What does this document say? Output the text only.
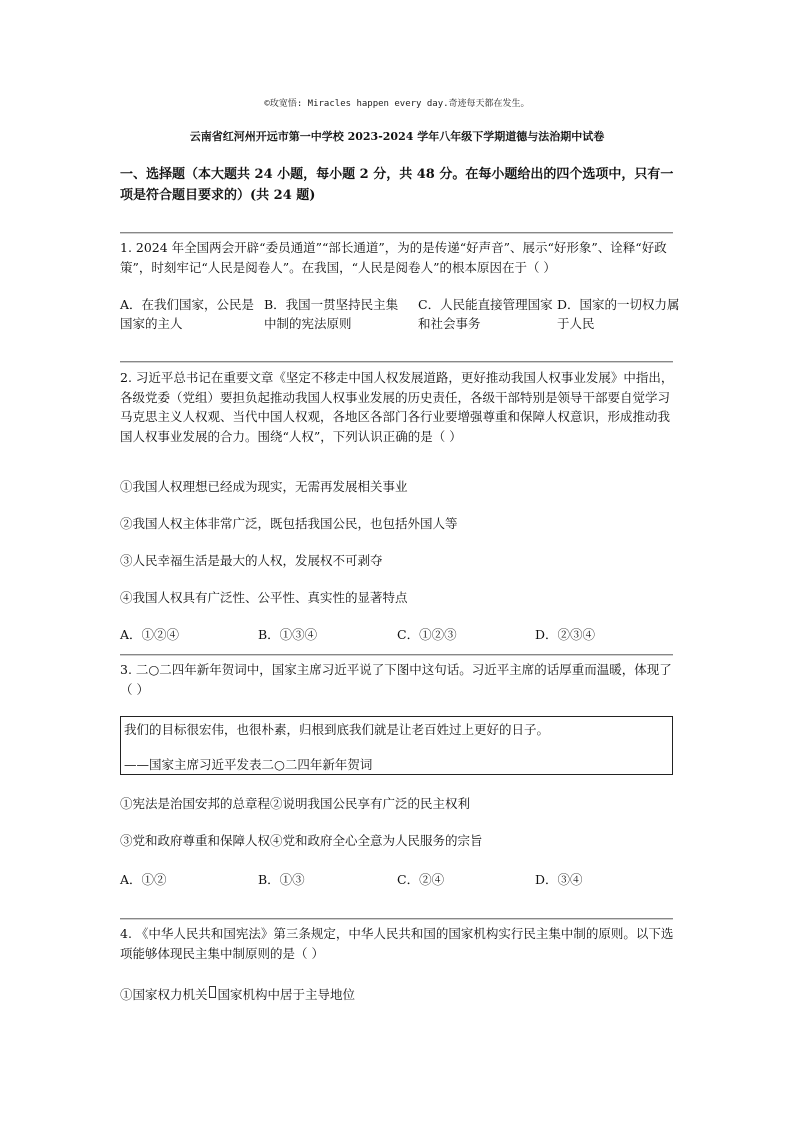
©玫宽悟: Miracles happen every day.奇迹每天都在发生。
云南省红河州开远市第一中学校 2023-2024 学年八年级下学期道德与法治期中试卷
一、选择题（本大题共 24 小题，每小题 2 分，共 48 分。在每小题给出的四个选项中，只有一项是符合题目要求的）(共 24 题)
1. 2024 年全国两会开辟“委员通道”“部长通道”，为的是传递“好声音”、展示“好形象”、诠释“好政策”，时刻牢记“人民是阅卷人”。在我国，“人民是阅卷人”的根本原因在于（ ）
A．在我们国家，公民是国家的主人
B．我国一贯坚持民主集中制的宪法原则
C．人民能直接管理国家和社会事务
D．国家的一切权力属于人民
2. 习近平总书记在重要文章《坚定不移走中国人权发展道路，更好推动我国人权事业发展》中指出，各级党委（党组）要担负起推动我国人权事业发展的历史责任，各级干部特别是领导干部要自觉学习马克思主义人权观、当代中国人权观，各地区各部门各行业要增强尊重和保障人权意识，形成推动我国人权事业发展的合力。围绕“人权”，下列认识正确的是（ ）
①我国人权理想已经成为现实，无需再发展相关事业
②我国人权主体非常广泛，既包括我国公民，也包括外国人等
③人民幸福生活是最大的人权，发展权不可剥夺
④我国人权具有广泛性、公平性、真实性的显著特点
A．①②④	B．①③④	C．①②③	D．②③④
3. 二○二四年新年贺词中，国家主席习近平说了下图中这句话。习近平主席的话厚重而温暖，体现了（ ）
我们的目标很宏伟，也很朴素，归根到底我们就是让老百姓过上更好的日子。
——国家主席习近平发表二○二四年新年贺词
①宪法是治国安邦的总章程②说明我国公民享有广泛的民主权利
③党和政府尊重和保障人权④党和政府全心全意为人民服务的宗旨
A．①②	B．①③	C．②④	D．③④
4. 《中华人民共和国宪法》第三条规定，中华人民共和国的国家机构实行民主集中制的原则。以下选项能够体现民主集中制原则的是（ ）
①国家权力机关 国家机构中居于主导地位
